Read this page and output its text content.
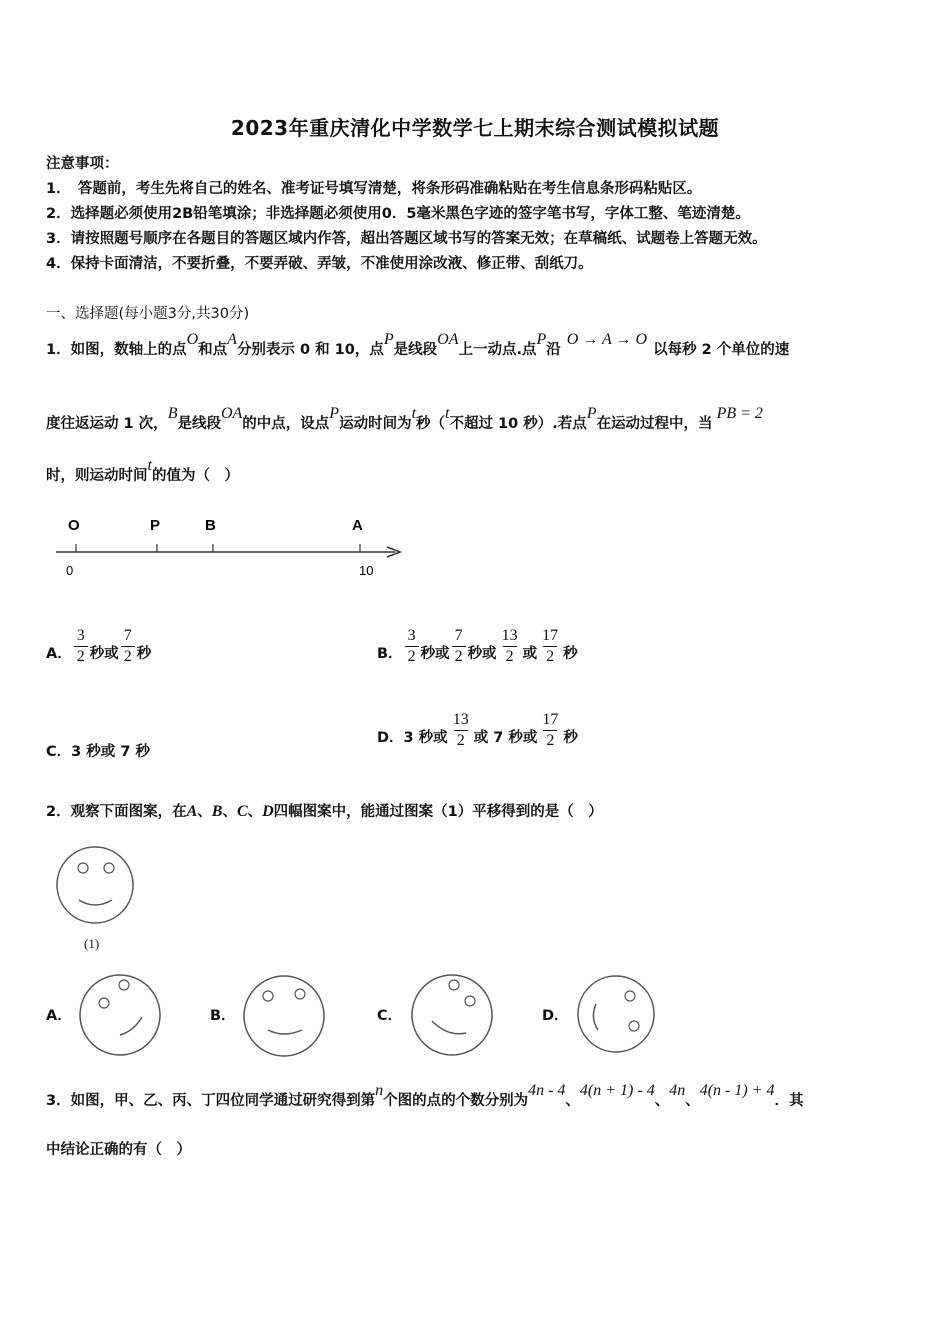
2023年重庆清化中学数学七上期末综合测试模拟试题
注意事项：
1．　答题前，考生先将自己的姓名、准考证号填写清楚，将条形码准确粘贴在考生信息条形码粘贴区。
2．选择题必须使用2B铅笔填涂；非选择题必须使用0．5毫米黑色字迹的签字笔书写，字体工整、笔迹清楚。
3．请按照题号顺序在各题目的答题区域内作答，超出答题区域书写的答案无效；在草稿纸、试题卷上答题无效。
4．保持卡面清洁，不要折叠，不要弄破、弄皱，不准使用涂改液、修正带、刮纸刀。
一、选择题(每小题3分,共30分)
1．如图，数轴上的点O和点A分别表示 0 和 10，点P是线段OA上一动点.点P沿O → A → O以每秒 2 个单位的速
度往返运动 1 次，B是线段OA的中点，设点P运动时间为t秒（t不超过 10 秒）.若点P在运动过程中，当PB = 2
时，则运动时间t的值为（　）
O	P	B	A
0	10
A． $\frac{3}{2}$ 秒或 $\frac{7}{2}$ 秒	B． $\frac{3}{2}$ 秒或 $\frac{7}{2}$ 秒或 $\frac{13}{2}$ 或 $\frac{17}{2}$ 秒
C．3 秒或 7 秒
D． 3 秒或 $\frac{13}{2}$ 或 7 秒或 $\frac{17}{2}$ 秒
2．观察下面图案，在A、B、C、D四幅图案中，能通过图案（1）平移得到的是（　）
(1)
A．	B．	C．	D．
3．如图，甲、乙、丙、丁四位同学通过研究得到第n个图的点的个数分别为4n - 4、4(n + 1) - 4、4n、4(n - 1) + 4．其
中结论正确的有（　）
